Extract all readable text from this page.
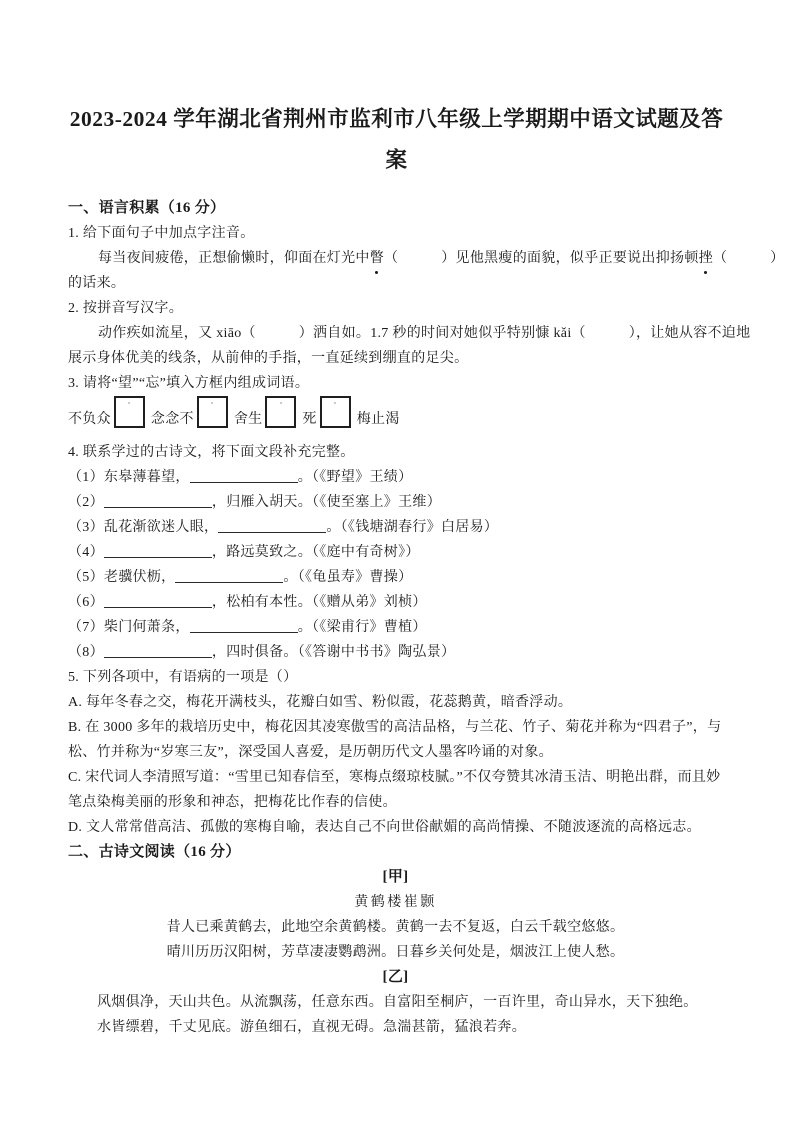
2023-2024 学年湖北省荆州市监利市八年级上学期期中语文试题及答
案
一、语言积累（16 分）
1. 给下面句子中加点字注音。
每当夜间疲倦，正想偷懒时，仰面在灯光中瞥（　　　）见他黑瘦的面貌，似乎正要说出抑扬顿挫（　　　）
的话来。
2. 按拼音写汉字。
动作疾如流星，又 xiāo（　　　）洒自如。1.7 秒的时间对她似乎特别慷 kǎi（　　　），让她从容不迫地
展示身体优美的线条，从前伸的手指，一直延续到绷直的足尖。
3. 请将“望”“忘”填入方框内组成词语。
不负众	念念不	舍生	死	梅止渴
4. 联系学过的古诗文，将下面文段补充完整。
（1）东皋薄暮望，	。（《野望》王绩）
（2）	，归雁入胡天。（《使至塞上》王维）
（3）乱花渐欲迷人眼，	。（《钱塘湖春行》白居易）
（4）	，路远莫致之。（《庭中有奇树》）
（5）老骥伏枥，	。（《龟虽寿》曹操）
（6）	，松柏有本性。（《赠从弟》刘桢）
（7）柴门何萧条，	。（《梁甫行》曹植）
（8）	，四时俱备。（《答谢中书书》陶弘景）
5. 下列各项中，有语病的一项是（）
A. 每年冬春之交，梅花开满枝头，花瓣白如雪、粉似霞，花蕊鹅黄，暗香浮动。
B. 在 3000 多年的栽培历史中，梅花因其凌寒傲雪的高洁品格，与兰花、竹子、菊花并称为“四君子”，与
松、竹并称为“岁寒三友”，深受国人喜爱，是历朝历代文人墨客吟诵的对象。
C. 宋代词人李清照写道：“雪里已知春信至，寒梅点缀琼枝腻。”不仅夸赞其冰清玉洁、明艳出群，而且妙
笔点染梅美丽的形象和神态，把梅花比作春的信使。
D. 文人常常借高洁、孤傲的寒梅自喻，表达自己不向世俗献媚的高尚情操、不随波逐流的高格远志。
二、古诗文阅读（16 分）
[甲]
黄鹤楼崔颢
昔人已乘黄鹤去，此地空余黄鹤楼。黄鹤一去不复返，白云千载空悠悠。
晴川历历汉阳树，芳草凄凄鹦鹉洲。日暮乡关何处是，烟波江上使人愁。
[乙]
风烟俱净，天山共色。从流飘荡，任意东西。自富阳至桐庐，一百许里，奇山异水，天下独绝。
水皆缥碧，千丈见底。游鱼细石，直视无碍。急湍甚箭，猛浪若奔。
